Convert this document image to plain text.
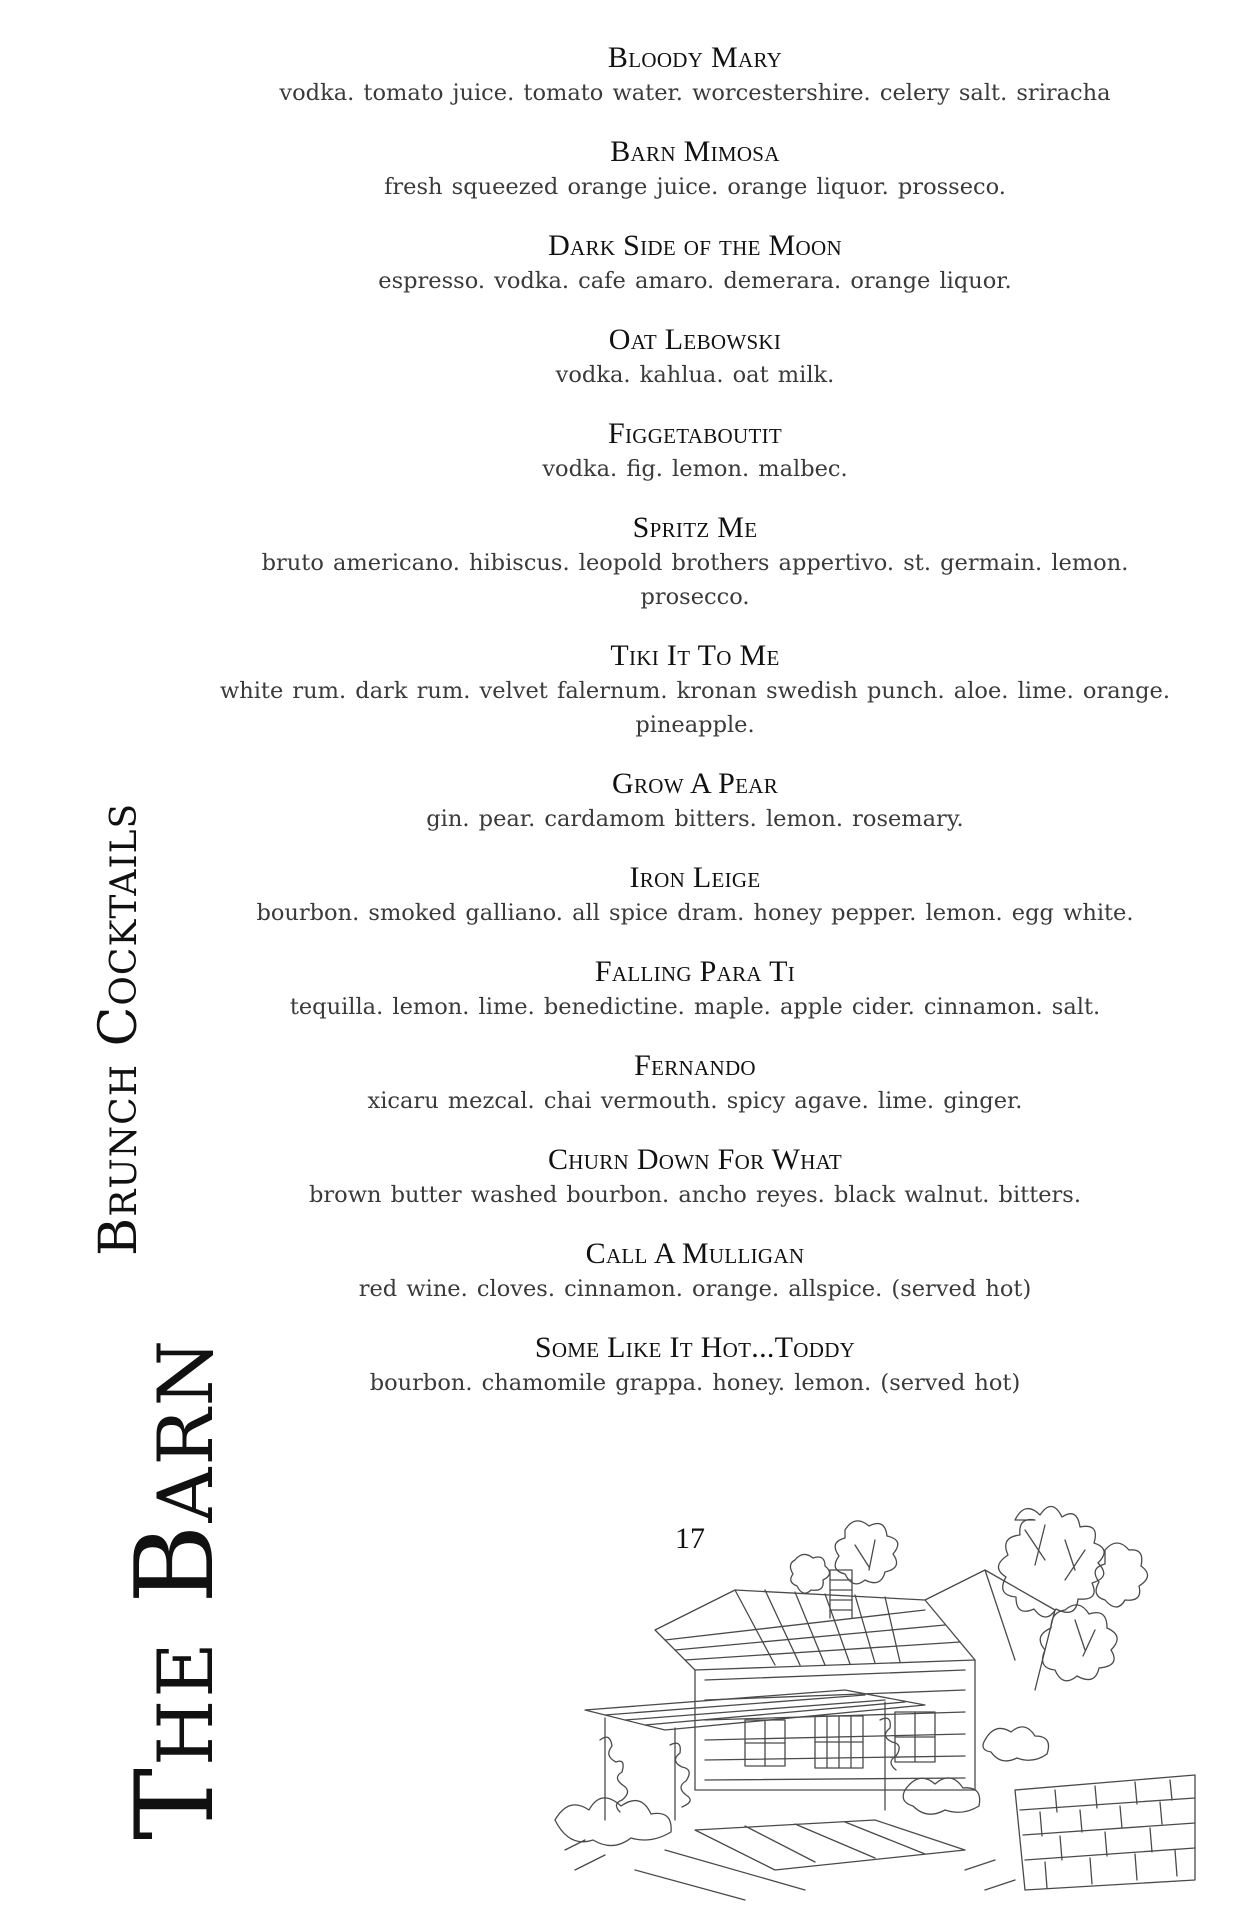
The Barn
Brunch Cocktails
Bloody Mary
vodka. tomato juice. tomato water. worcestershire. celery salt. sriracha
Barn Mimosa
fresh squeezed orange juice. orange liquor. prosseco.
Dark Side of the Moon
espresso. vodka. cafe amaro. demerara. orange liquor.
Oat Lebowski
vodka. kahlua. oat milk.
Figgetaboutit
vodka. fig. lemon. malbec.
Spritz Me
bruto americano. hibiscus. leopold brothers appertivo. st. germain. lemon. prosecco.
Tiki It To Me
white rum. dark rum. velvet falernum. kronan swedish punch. aloe. lime. orange. pineapple.
Grow A Pear
gin. pear. cardamom bitters. lemon. rosemary.
Iron Leige
bourbon. smoked galliano. all spice dram. honey pepper. lemon. egg white.
Falling Para Ti
tequilla. lemon. lime. benedictine. maple. apple cider. cinnamon. salt.
Fernando
xicaru mezcal. chai vermouth. spicy agave. lime. ginger.
Churn Down For What
brown butter washed bourbon. ancho reyes. black walnut. bitters.
Call A Mulligan
red wine. cloves. cinnamon. orange. allspice. (served hot)
Some Like It Hot...Toddy
bourbon. chamomile grappa. honey. lemon. (served hot)
17
